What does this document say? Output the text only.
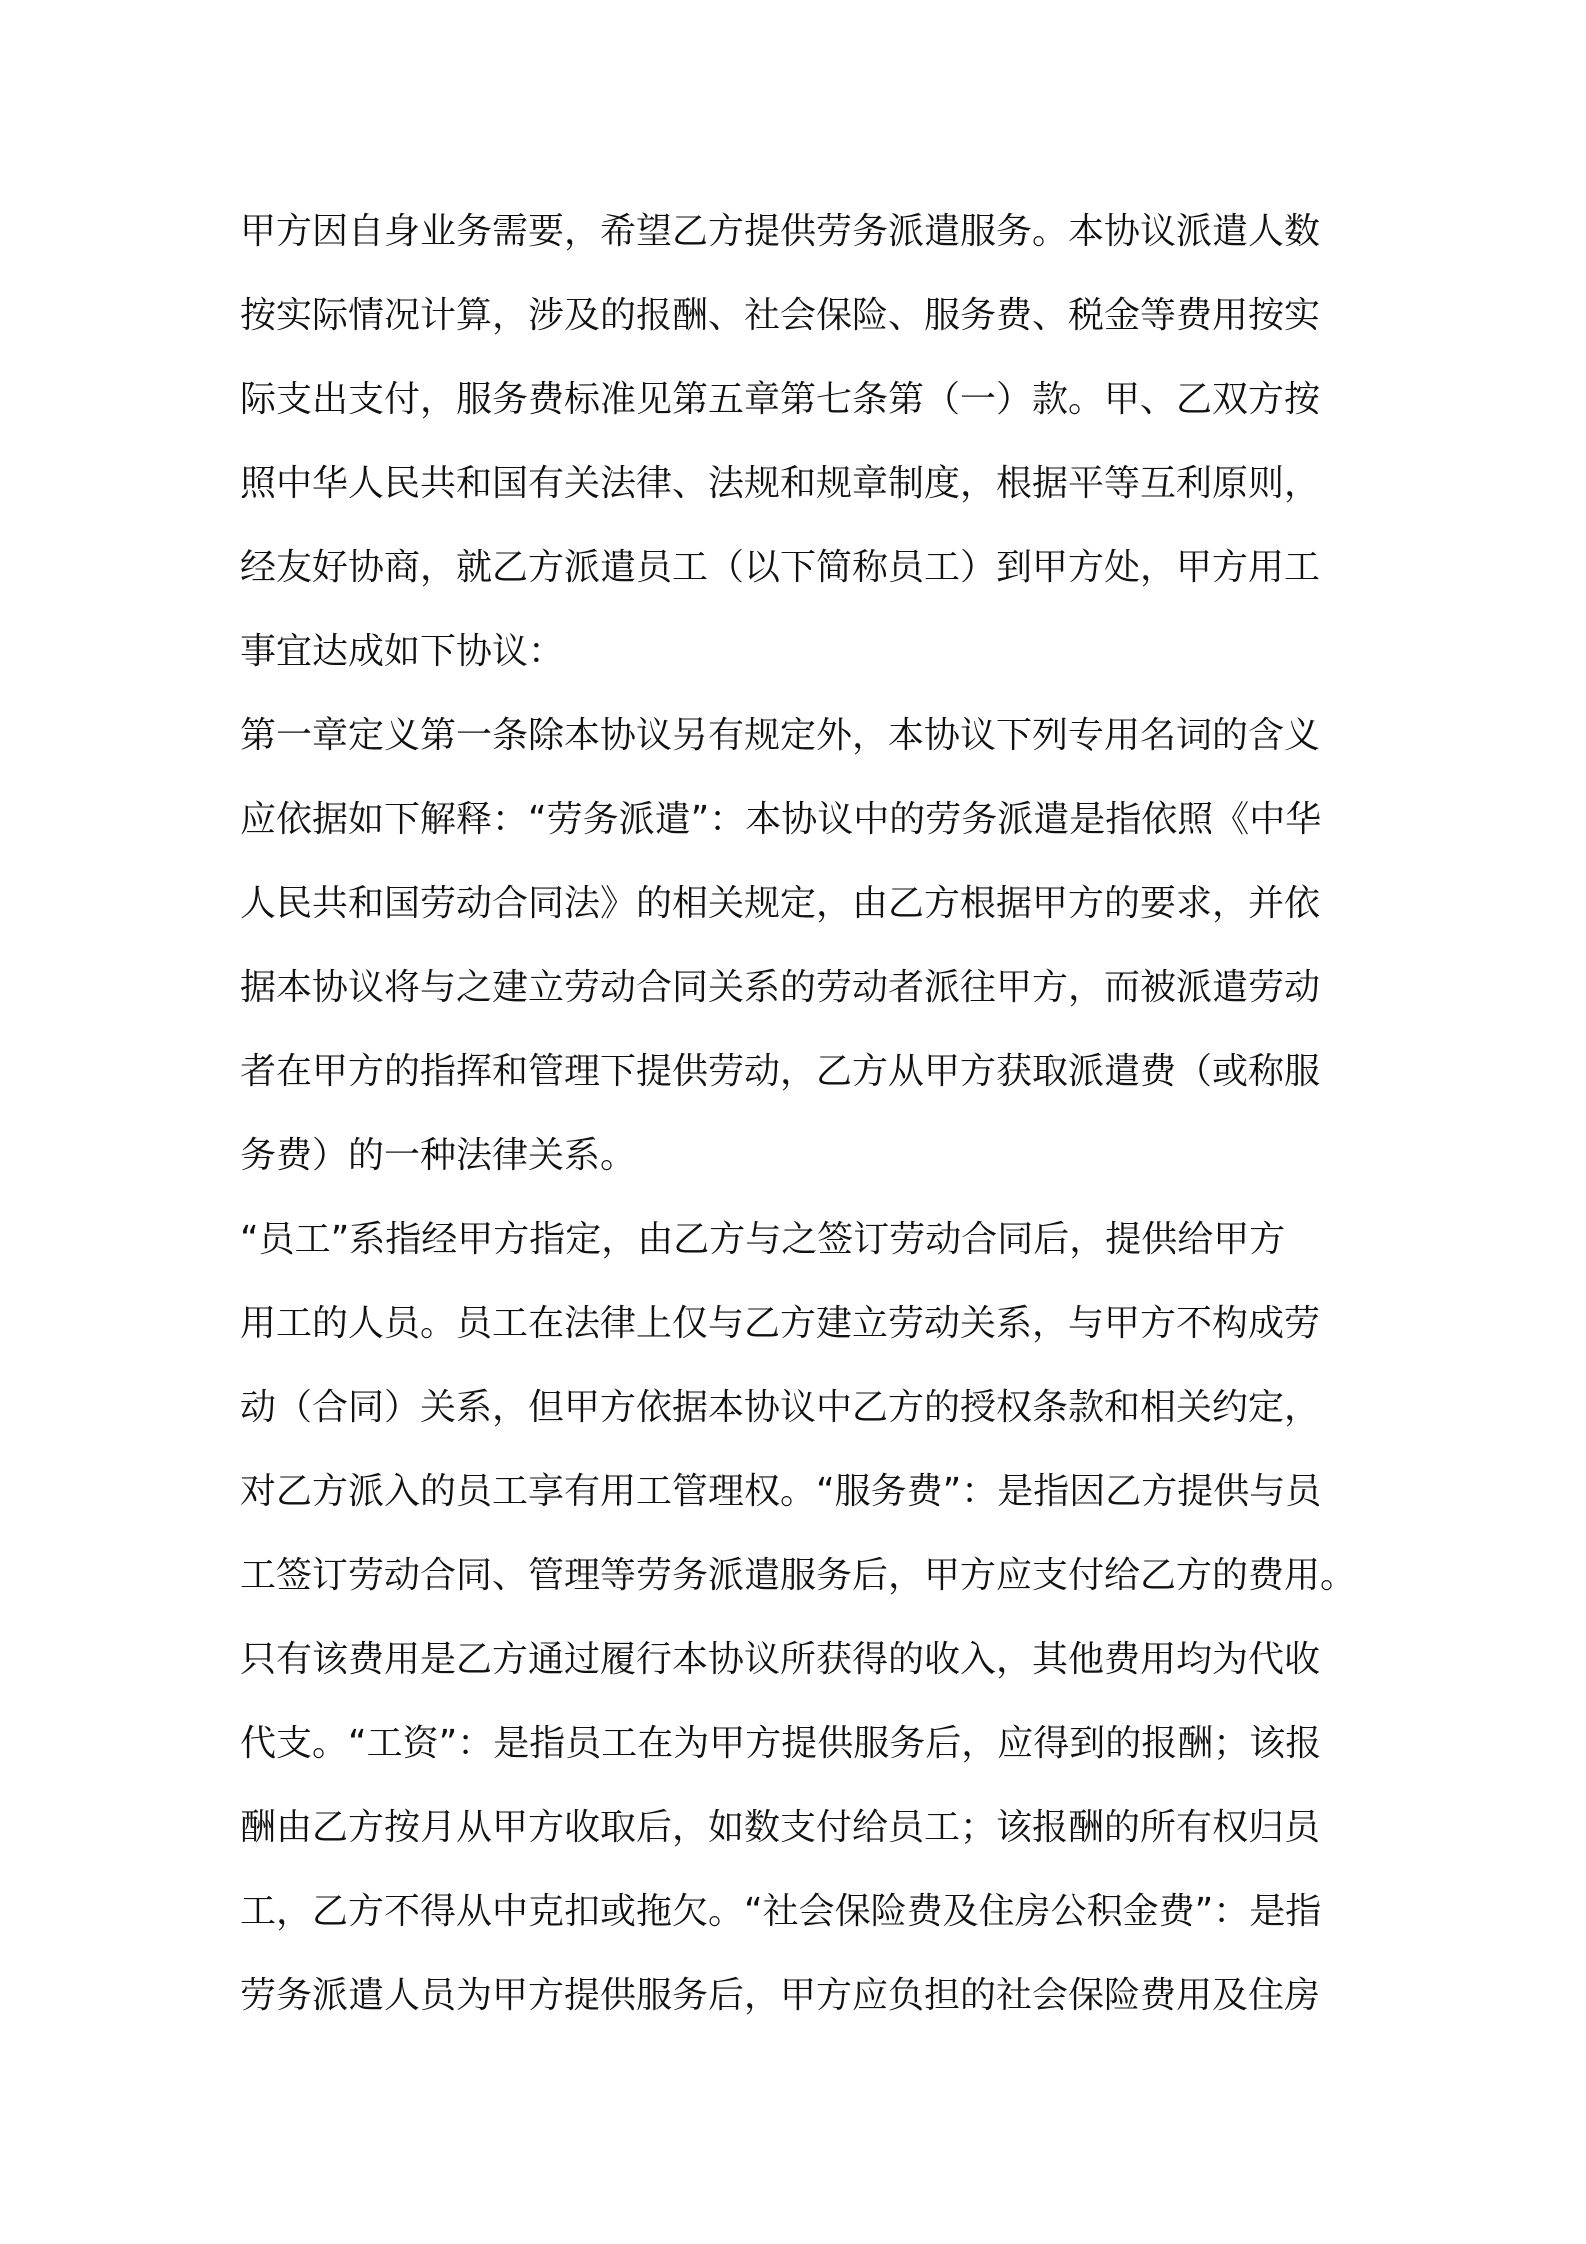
甲方因自身业务需要，希望乙方提供劳务派遣服务。本协议派遣人数
按实际情况计算，涉及的报酬、社会保险、服务费、税金等费用按实
际支出支付，服务费标准见第五章第七条第（一）款。甲、乙双方按
照中华人民共和国有关法律、法规和规章制度，根据平等互利原则，
经友好协商，就乙方派遣员工（以下简称员工）到甲方处，甲方用工
事宜达成如下协议：
第一章定义第一条除本协议另有规定外，本协议下列专用名词的含义
应依据如下解释：“劳务派遣”：本协议中的劳务派遣是指依照《中华
人民共和国劳动合同法》的相关规定，由乙方根据甲方的要求，并依
据本协议将与之建立劳动合同关系的劳动者派往甲方，而被派遣劳动
者在甲方的指挥和管理下提供劳动，乙方从甲方获取派遣费（或称服
务费）的一种法律关系。
“员工”系指经甲方指定，由乙方与之签订劳动合同后，提供给甲方
用工的人员。员工在法律上仅与乙方建立劳动关系，与甲方不构成劳
动（合同）关系，但甲方依据本协议中乙方的授权条款和相关约定，
对乙方派入的员工享有用工管理权。“服务费”：是指因乙方提供与员
工签订劳动合同、管理等劳务派遣服务后，甲方应支付给乙方的费用。
只有该费用是乙方通过履行本协议所获得的收入，其他费用均为代收
代支。“工资”：是指员工在为甲方提供服务后，应得到的报酬；该报
酬由乙方按月从甲方收取后，如数支付给员工；该报酬的所有权归员
工，乙方不得从中克扣或拖欠。“社会保险费及住房公积金费”：是指
劳务派遣人员为甲方提供服务后，甲方应负担的社会保险费用及住房
